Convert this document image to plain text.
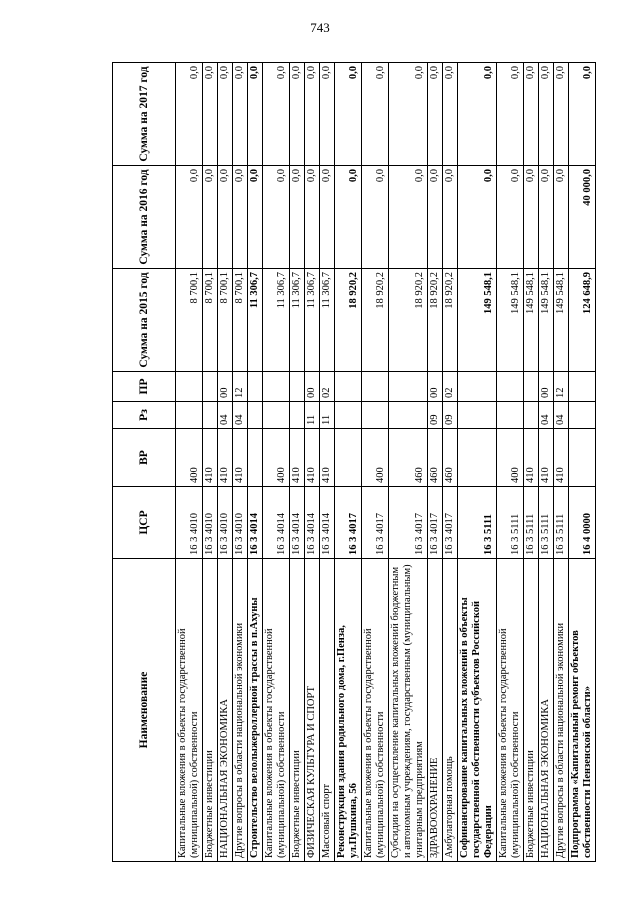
743
Наименование	ЦСР	ВР	Рз	ПР	Сумма на 2015 год	Сумма на 2016 год	Сумма на 2017 год
Капитальные вложения в объекты государственной (муниципальной) собственности	16 3 4010	400			8 700,1	0,0	0,0
Бюджетные инвестиции	16 3 4010	410			8 700,1	0,0	0,0
НАЦИОНАЛЬНАЯ ЭКОНОМИКА	16 3 4010	410	04	00	8 700,1	0,0	0,0
Другие вопросы в области национальной экономики	16 3 4010	410	04	12	8 700,1	0,0	0,0
Строительство велолыжероллерной трассы в п.Ахуны	16 3 4014				11 306,7	0,0	0,0
Капитальные вложения в объекты государственной (муниципальной) собственности	16 3 4014	400			11 306,7	0,0	0,0
Бюджетные инвестиции	16 3 4014	410			11 306,7	0,0	0,0
ФИЗИЧЕСКАЯ КУЛЬТУРА И СПОРТ	16 3 4014	410	11	00	11 306,7	0,0	0,0
Массовый спорт	16 3 4014	410	11	02	11 306,7	0,0	0,0
Реконструкция здания родильного дома, г.Пенза, ул.Пушкина, 56	16 3 4017				18 920,2	0,0	0,0
Капитальные вложения в объекты государственной (муниципальной) собственности	16 3 4017	400			18 920,2	0,0	0,0
Субсидии на осуществление капитальных вложений бюджетным и автономным учреждениям, государственным (муниципальным) унитарным предприятиям	16 3 4017	460			18 920,2	0,0	0,0
ЗДРАВООХРАНЕНИЕ	16 3 4017	460	09	00	18 920,2	0,0	0,0
Амбулаторная помощь	16 3 4017	460	09	02	18 920,2	0,0	0,0
Софинансирование капитальных вложений в объекты государственной собственности субъектов Российской Федерации	16 3 5111				149 548,1	0,0	0,0
Капитальные вложения в объекты государственной (муниципальной) собственности	16 3 5111	400			149 548,1	0,0	0,0
Бюджетные инвестиции	16 3 5111	410			149 548,1	0,0	0,0
НАЦИОНАЛЬНАЯ ЭКОНОМИКА	16 3 5111	410	04	00	149 548,1	0,0	0,0
Другие вопросы в области национальной экономики	16 3 5111	410	04	12	149 548,1	0,0	0,0
Подпрограмма «Капитальный ремонт объектов собственности Пензенской области»	16 4 0000				124 648,9	40 000,0	0,0
